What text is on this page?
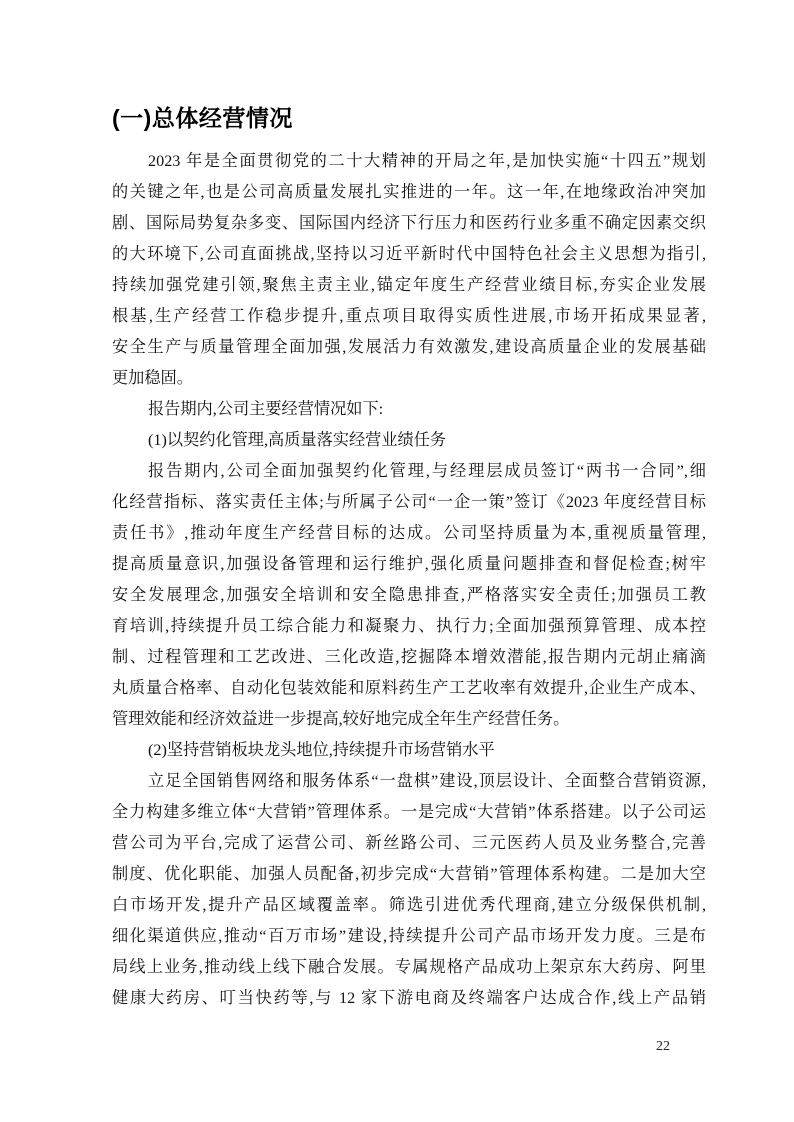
(一)总体经营情况
2023 年是全面贯彻党的二十大精神的开局之年,是加快实施“十四五”规划
的关键之年,也是公司高质量发展扎实推进的一年。这一年,在地缘政治冲突加
剧、国际局势复杂多变、国际国内经济下行压力和医药行业多重不确定因素交织
的大环境下,公司直面挑战,坚持以习近平新时代中国特色社会主义思想为指引,
持续加强党建引领,聚焦主责主业,锚定年度生产经营业绩目标,夯实企业发展
根基,生产经营工作稳步提升,重点项目取得实质性进展,市场开拓成果显著,
安全生产与质量管理全面加强,发展活力有效激发,建设高质量企业的发展基础
更加稳固。
报告期内,公司主要经营情况如下:
(1)以契约化管理,高质量落实经营业绩任务
报告期内,公司全面加强契约化管理,与经理层成员签订“两书一合同”,细
化经营指标、落实责任主体;与所属子公司“一企一策”签订《2023 年度经营目标
责任书》,推动年度生产经营目标的达成。公司坚持质量为本,重视质量管理,
提高质量意识,加强设备管理和运行维护,强化质量问题排查和督促检查;树牢
安全发展理念,加强安全培训和安全隐患排查,严格落实安全责任;加强员工教
育培训,持续提升员工综合能力和凝聚力、执行力;全面加强预算管理、成本控
制、过程管理和工艺改进、三化改造,挖掘降本增效潜能,报告期内元胡止痛滴
丸质量合格率、自动化包装效能和原料药生产工艺收率有效提升,企业生产成本、
管理效能和经济效益进一步提高,较好地完成全年生产经营任务。
(2)坚持营销板块龙头地位,持续提升市场营销水平
立足全国销售网络和服务体系“一盘棋”建设,顶层设计、全面整合营销资源,
全力构建多维立体“大营销”管理体系。一是完成“大营销”体系搭建。以子公司运
营公司为平台,完成了运营公司、新丝路公司、三元医药人员及业务整合,完善
制度、优化职能、加强人员配备,初步完成“大营销”管理体系构建。二是加大空
白市场开发,提升产品区域覆盖率。筛选引进优秀代理商,建立分级保供机制,
细化渠道供应,推动“百万市场”建设,持续提升公司产品市场开发力度。三是布
局线上业务,推动线上线下融合发展。专属规格产品成功上架京东大药房、阿里
健康大药房、叮当快药等,与 12 家下游电商及终端客户达成合作,线上产品销
22
